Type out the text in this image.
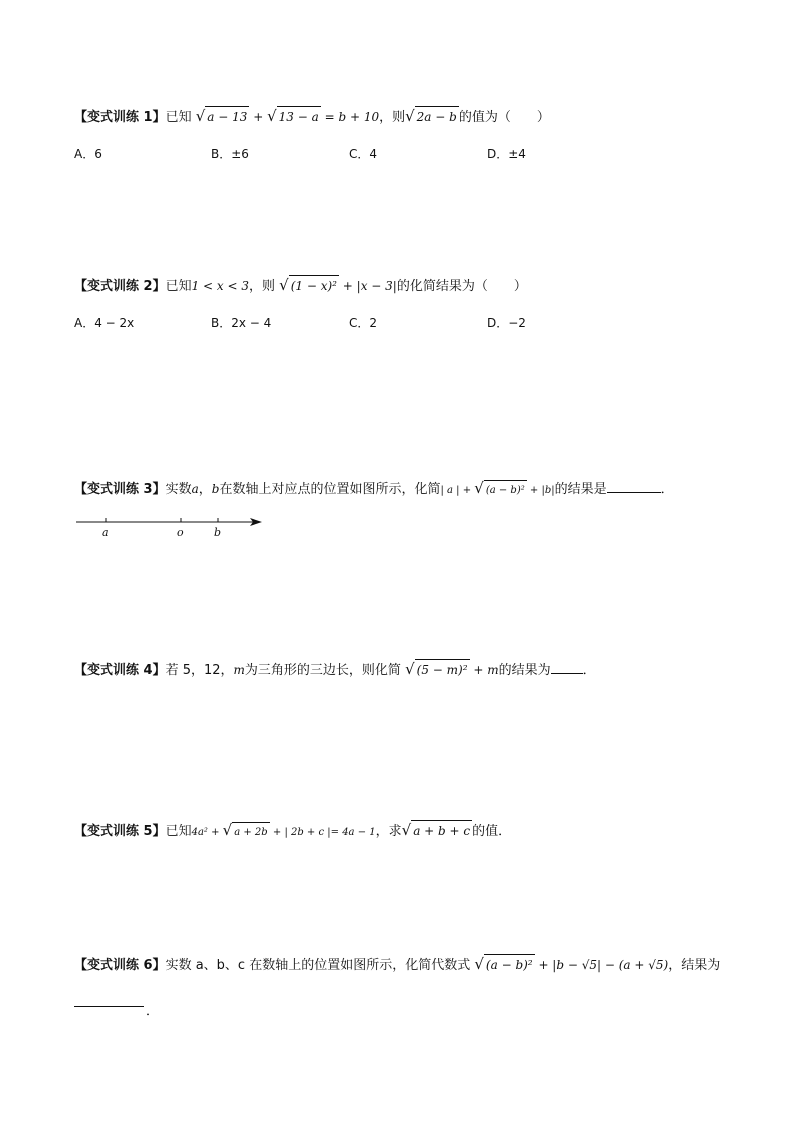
【变式训练 1】已知 √ a − 13 + √ 13 − a = b + 10，则√ 2a − b 的值为（　　）
A．6	B．±6	C．4	D．±4
【变式训练 2】已知1 < x < 3，则 √ (1 − x)² + |x − 3|的化简结果为（　　）
A．4 − 2x	B．2x − 4	C．2	D．−2
【变式训练 3】实数a，b在数轴上对应点的位置如图所示，化简| a | + √ (a − b)² + |b|的结果是	．
a	o	b
【变式训练 4】若 5，12，m为三角形的三边长，则化简 √ (5 − m)² + m的结果为 ．
【变式训练 5】已知4a² + √ a + 2b + | 2b + c |= 4a − 1，求√ a + b + c 的值．
【变式训练 6】实数 a、b、c 在数轴上的位置如图所示，化简代数式 √ (a − b)² + |b − √5| − (a + √5)，结果为
．
